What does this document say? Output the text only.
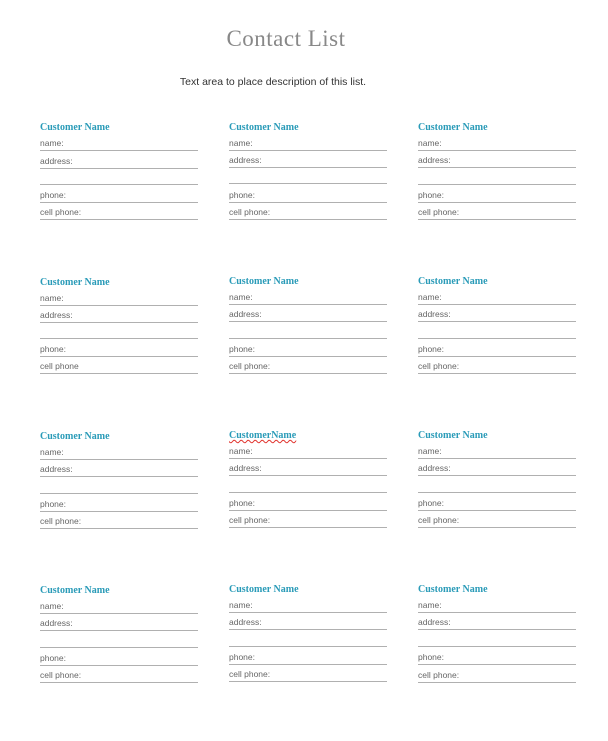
Contact List
Text area to place description of this list.
Customer Name
name:
address:
phone:
cell phone:
Customer Name
name:
address:
phone:
cell phone:
Customer Name
name:
address:
phone:
cell phone:
Customer Name
name:
address:
phone:
cell phone
Customer Name
name:
address:
phone:
cell phone:
Customer Name
name:
address:
phone:
cell phone:
Customer Name
name:
address:
phone:
cell phone:
CustomerName
name:
address:
phone:
cell phone:
Customer Name
name:
address:
phone:
cell phone:
Customer Name
name:
address:
phone:
cell phone:
Customer Name
name:
address:
phone:
cell phone:
Customer Name
name:
address:
phone:
cell phone:
